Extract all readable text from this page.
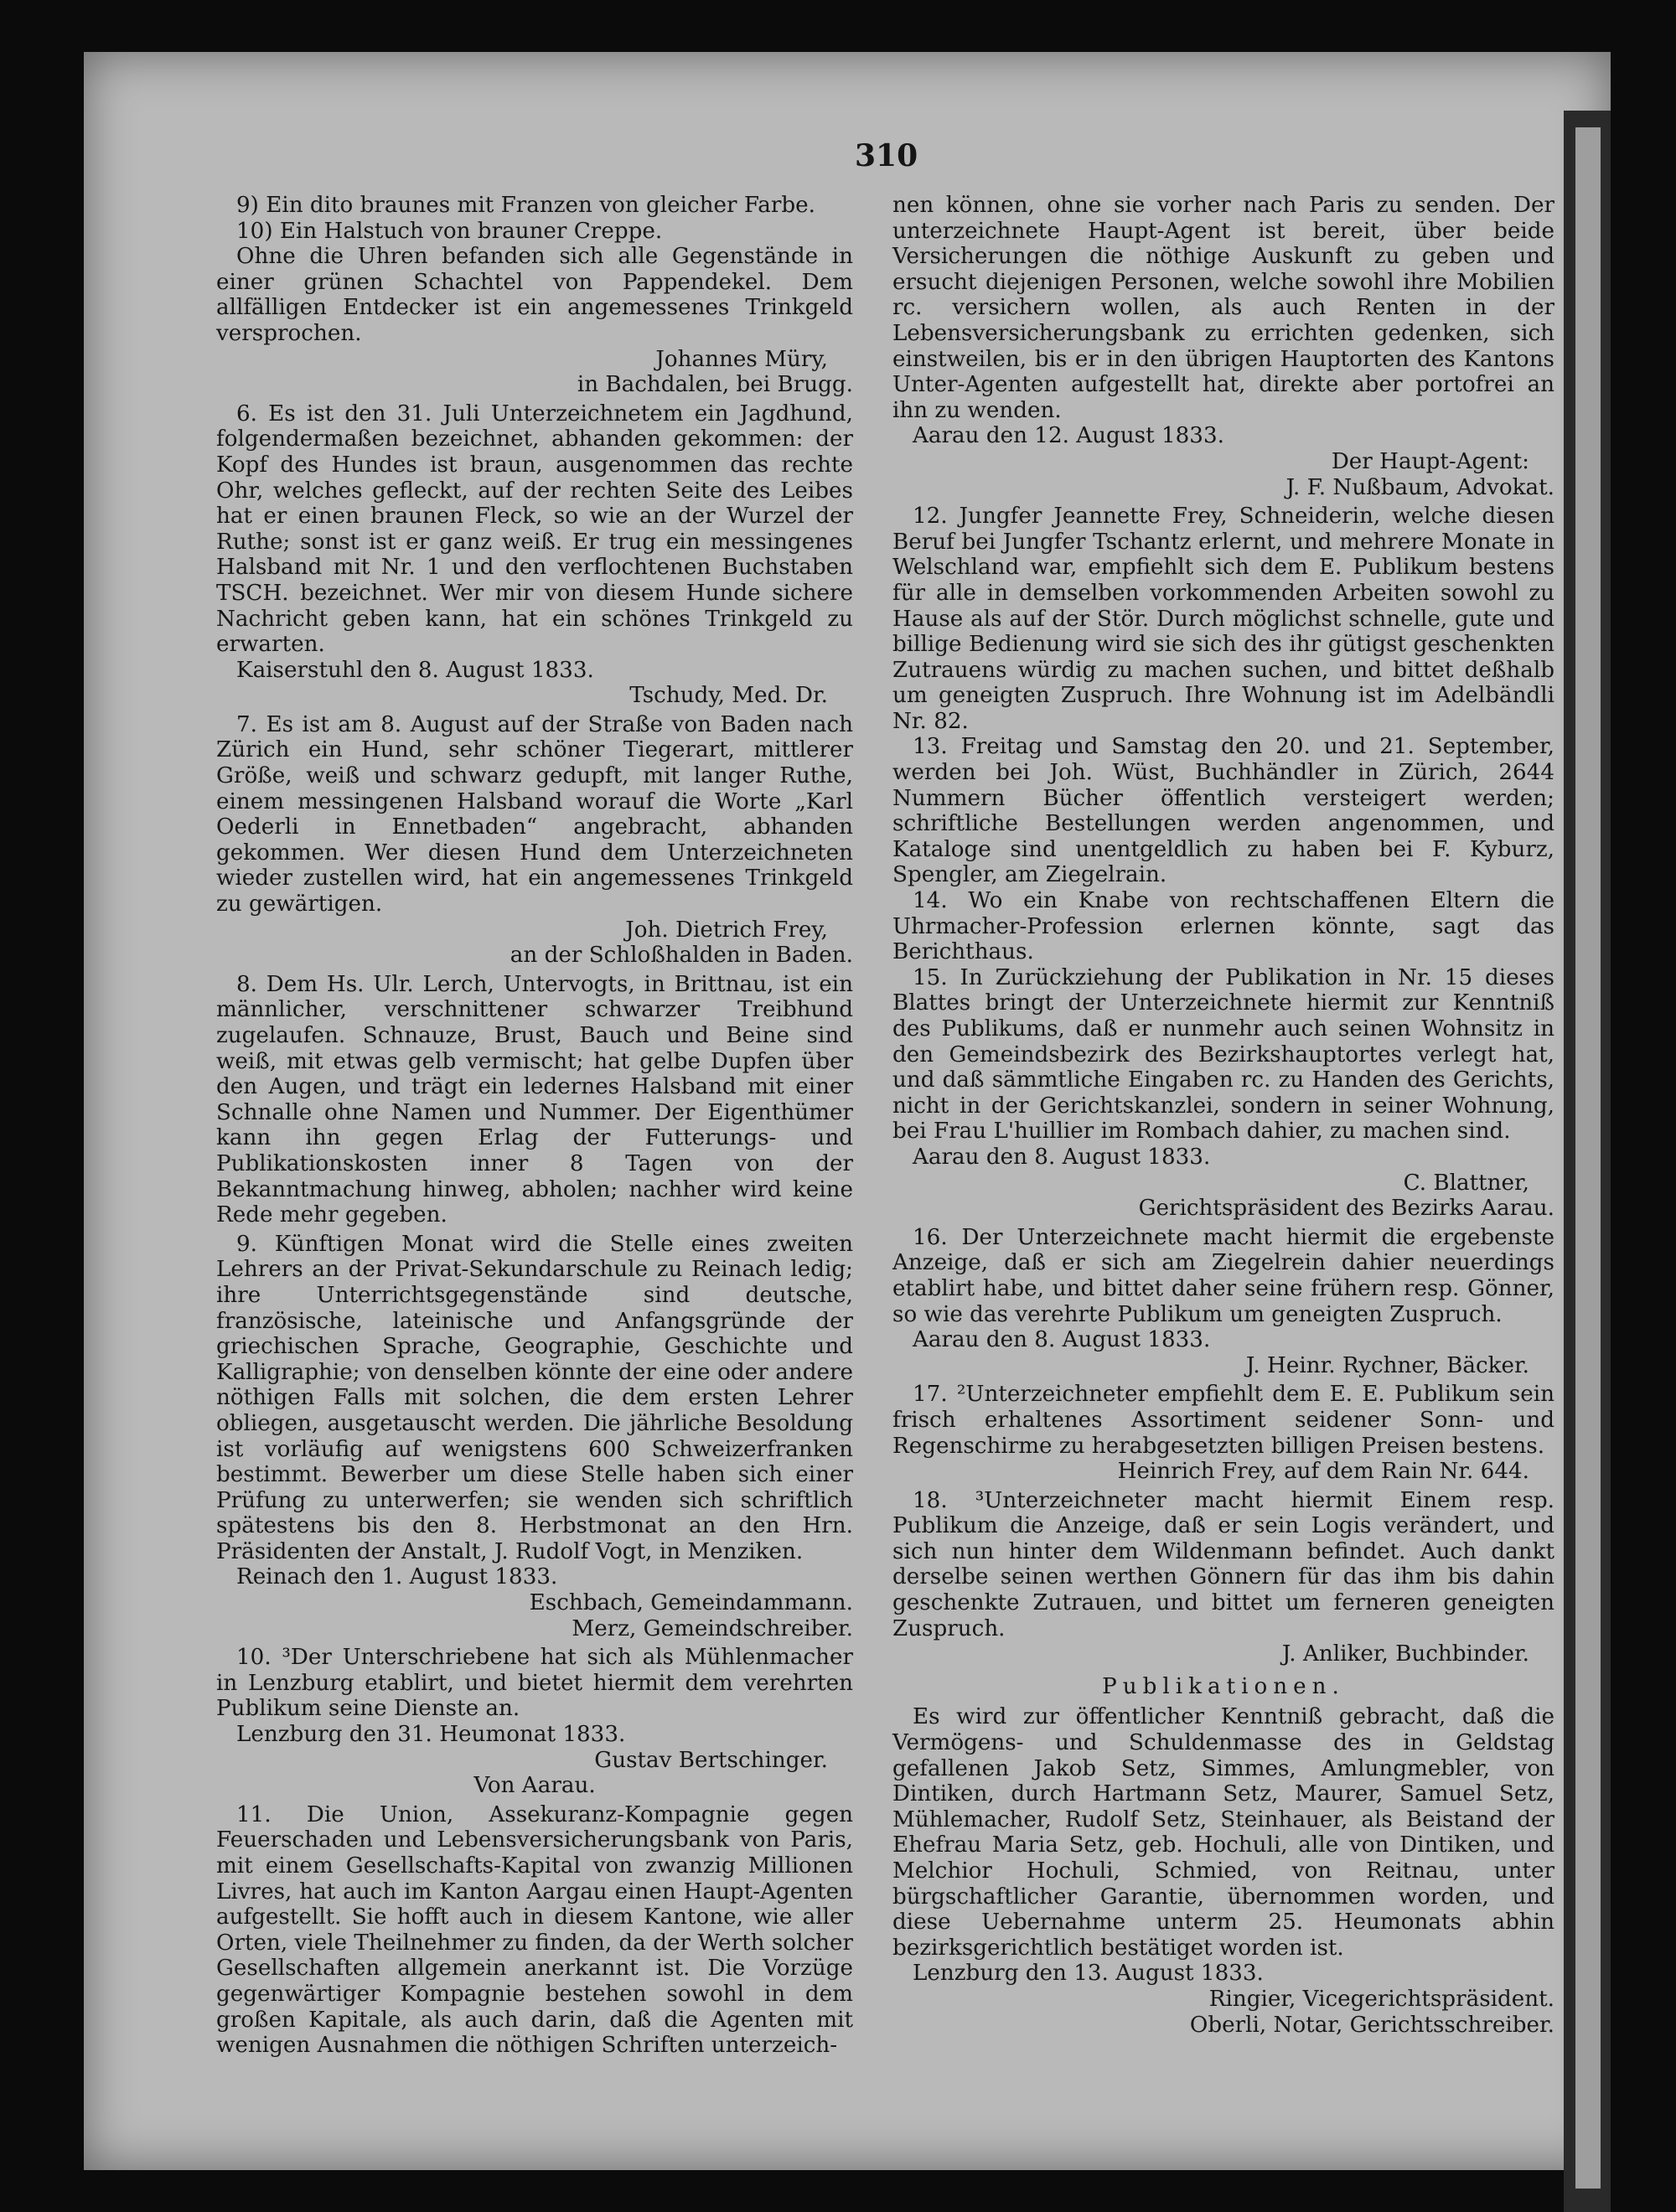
310

9) Ein dito braunes mit Franzen von gleicher Farbe.

10) Ein Halstuch von brauner Creppe.

Ohne die Uhren befanden sich alle Gegenstände in einer grünen Schachtel von Pappendekel. Dem allfälligen Entdecker ist ein angemessenes Trinkgeld versprochen.

Johannes Müry,

in Bachdalen, bei Brugg.

6. Es ist den 31. Juli Unterzeichnetem ein Jagdhund, folgendermaßen bezeichnet, abhanden gekommen: der Kopf des Hundes ist braun, ausgenommen das rechte Ohr, welches gefleckt, auf der rechten Seite des Leibes hat er einen braunen Fleck, so wie an der Wurzel der Ruthe; sonst ist er ganz weiß. Er trug ein messingenes Halsband mit Nr. 1 und den verflochtenen Buchstaben TSCH. bezeichnet. Wer mir von diesem Hunde sichere Nachricht geben kann, hat ein schönes Trinkgeld zu erwarten.

Kaiserstuhl den 8. August 1833.

Tschudy, Med. Dr.

7. Es ist am 8. August auf der Straße von Baden nach Zürich ein Hund, sehr schöner Tiegerart, mittlerer Größe, weiß und schwarz gedupft, mit langer Ruthe, einem messingenen Halsband worauf die Worte „Karl Oederli in Ennetbaden“ angebracht, abhanden gekommen. Wer diesen Hund dem Unterzeichneten wieder zustellen wird, hat ein angemessenes Trinkgeld zu gewärtigen.

Joh. Dietrich Frey,

an der Schloßhalden in Baden.

8. Dem Hs. Ulr. Lerch, Untervogts, in Brittnau, ist ein männlicher, verschnittener schwarzer Treibhund zugelaufen. Schnauze, Brust, Bauch und Beine sind weiß, mit etwas gelb vermischt; hat gelbe Dupfen über den Augen, und trägt ein ledernes Halsband mit einer Schnalle ohne Namen und Nummer. Der Eigenthümer kann ihn gegen Erlag der Futterungs- und Publikationskosten inner 8 Tagen von der Bekanntmachung hinweg, abholen; nachher wird keine Rede mehr gegeben.

9. Künftigen Monat wird die Stelle eines zweiten Lehrers an der Privat-Sekundarschule zu Reinach ledig; ihre Unterrichtsgegenstände sind deutsche, französische, lateinische und Anfangsgründe der griechischen Sprache, Geographie, Geschichte und Kalligraphie; von denselben könnte der eine oder andere nöthigen Falls mit solchen, die dem ersten Lehrer obliegen, ausgetauscht werden. Die jährliche Besoldung ist vorläufig auf wenigstens 600 Schweizerfranken bestimmt. Bewerber um diese Stelle haben sich einer Prüfung zu unterwerfen; sie wenden sich schriftlich spätestens bis den 8. Herbstmonat an den Hrn. Präsidenten der Anstalt, J. Rudolf Vogt, in Menziken.

Reinach den 1. August 1833.

Eschbach, Gemeindammann.

Merz, Gemeindschreiber.

10. ³Der Unterschriebene hat sich als Mühlenmacher in Lenzburg etablirt, und bietet hiermit dem verehrten Publikum seine Dienste an.

Lenzburg den 31. Heumonat 1833.

Gustav Bertschinger.

Von Aarau.

11. Die Union, Assekuranz-Kompagnie gegen Feuerschaden und Lebensversicherungsbank von Paris, mit einem Gesellschafts-Kapital von zwanzig Millionen Livres, hat auch im Kanton Aargau einen Haupt-Agenten aufgestellt. Sie hofft auch in diesem Kantone, wie aller Orten, viele Theilnehmer zu finden, da der Werth solcher Gesellschaften allgemein anerkannt ist. Die Vorzüge gegenwärtiger Kompagnie bestehen sowohl in dem großen Kapitale, als auch darin, daß die Agenten mit wenigen Ausnahmen die nöthigen Schriften unterzeich-

nen können, ohne sie vorher nach Paris zu senden. Der unterzeichnete Haupt-Agent ist bereit, über beide Versicherungen die nöthige Auskunft zu geben und ersucht diejenigen Personen, welche sowohl ihre Mobilien rc. versichern wollen, als auch Renten in der Lebensversicherungsbank zu errichten gedenken, sich einstweilen, bis er in den übrigen Hauptorten des Kantons Unter-Agenten aufgestellt hat, direkte aber portofrei an ihn zu wenden.

Aarau den 12. August 1833.

Der Haupt-Agent:

J. F. Nußbaum, Advokat.

12. Jungfer Jeannette Frey, Schneiderin, welche diesen Beruf bei Jungfer Tschantz erlernt, und mehrere Monate in Welschland war, empfiehlt sich dem E. Publikum bestens für alle in demselben vorkommenden Arbeiten sowohl zu Hause als auf der Stör. Durch möglichst schnelle, gute und billige Bedienung wird sie sich des ihr gütigst geschenkten Zutrauens würdig zu machen suchen, und bittet deßhalb um geneigten Zuspruch. Ihre Wohnung ist im Adelbändli Nr. 82.

13. Freitag und Samstag den 20. und 21. September, werden bei Joh. Wüst, Buchhändler in Zürich, 2644 Nummern Bücher öffentlich versteigert werden; schriftliche Bestellungen werden angenommen, und Kataloge sind unentgeldlich zu haben bei F. Kyburz, Spengler, am Ziegelrain.

14. Wo ein Knabe von rechtschaffenen Eltern die Uhrmacher-Profession erlernen könnte, sagt das Berichthaus.

15. In Zurückziehung der Publikation in Nr. 15 dieses Blattes bringt der Unterzeichnete hiermit zur Kenntniß des Publikums, daß er nunmehr auch seinen Wohnsitz in den Gemeindsbezirk des Bezirkshauptortes verlegt hat, und daß sämmtliche Eingaben rc. zu Handen des Gerichts, nicht in der Gerichtskanzlei, sondern in seiner Wohnung, bei Frau L'huillier im Rombach dahier, zu machen sind.

Aarau den 8. August 1833.

C. Blattner,

Gerichtspräsident des Bezirks Aarau.

16. Der Unterzeichnete macht hiermit die ergebenste Anzeige, daß er sich am Ziegelrein dahier neuerdings etablirt habe, und bittet daher seine frühern resp. Gönner, so wie das verehrte Publikum um geneigten Zuspruch.

Aarau den 8. August 1833.

J. Heinr. Rychner, Bäcker.

17. ²Unterzeichneter empfiehlt dem E. E. Publikum sein frisch erhaltenes Assortiment seidener Sonn- und Regenschirme zu herabgesetzten billigen Preisen bestens.

Heinrich Frey, auf dem Rain Nr. 644.

18. ³Unterzeichneter macht hiermit Einem resp. Publikum die Anzeige, daß er sein Logis verändert, und sich nun hinter dem Wildenmann befindet. Auch dankt derselbe seinen werthen Gönnern für das ihm bis dahin geschenkte Zutrauen, und bittet um ferneren geneigten Zuspruch.

J. Anliker, Buchbinder.

Publikationen.

Es wird zur öffentlicher Kenntniß gebracht, daß die Vermögens- und Schuldenmasse des in Geldstag gefallenen Jakob Setz, Simmes, Amlungmebler, von Dintiken, durch Hartmann Setz, Maurer, Samuel Setz, Mühlemacher, Rudolf Setz, Steinhauer, als Beistand der Ehefrau Maria Setz, geb. Hochuli, alle von Dintiken, und Melchior Hochuli, Schmied, von Reitnau, unter bürgschaftlicher Garantie, übernommen worden, und diese Uebernahme unterm 25. Heumonats abhin bezirksgerichtlich bestätiget worden ist.

Lenzburg den 13. August 1833.

Ringier, Vicegerichtspräsident.

Oberli, Notar, Gerichtsschreiber.
